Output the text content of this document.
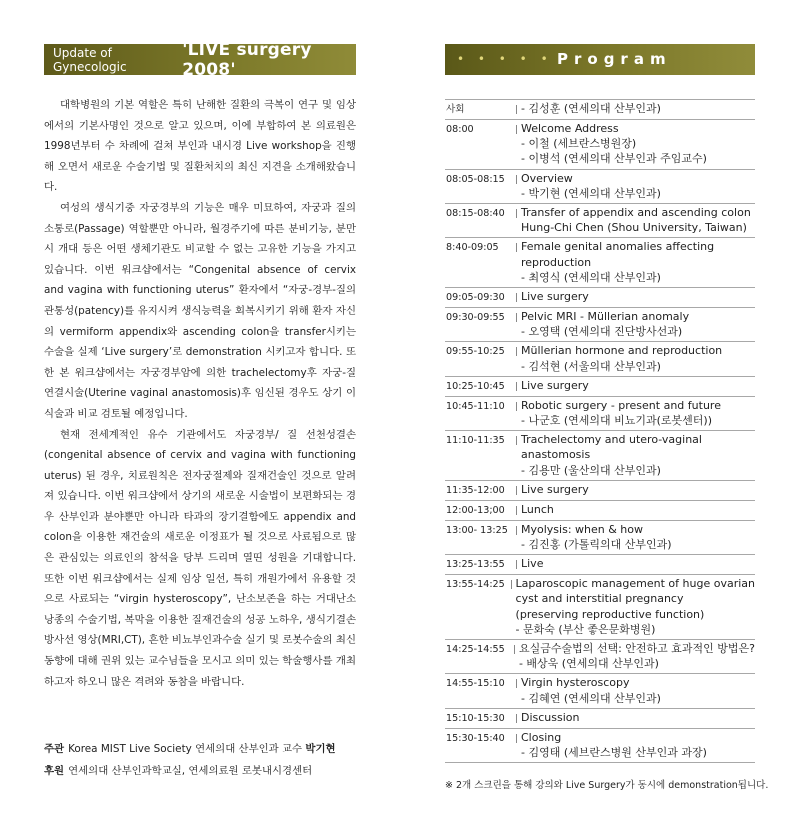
Update of Gynecologic
'LIVE surgery 2008'

대학병원의 기본 역할은 특히 난해한 질환의 극복이 연구 및 임상에서의 기본사명인 것으로 알고 있으며, 이에 부합하여 본 의료원은 1998년부터 수 차례에 걸쳐 부인과 내시경 Live workshop을 진행해 오면서 새로운 수술기법 및 질환처치의 최신 지견을 소개해왔습니다.

여성의 생식기중 자궁경부의 기능은 매우 미묘하여, 자궁과 질의 소통로(Passage) 역할뿐만 아니라, 월경주기에 따른 분비기능, 분만 시 개대 등은 어떤 생체기관도 비교할 수 없는 고유한 기능을 가지고 있습니다. 이번 워크샵에서는 “Congenital absence of cervix and vagina with functioning uterus” 환자에서 “자궁-경부-질의 관통성(patency)를 유지시켜 생식능력을 회복시키기 위해 환자 자신의 vermiform appendix와 ascending colon을 transfer시키는 수술을 실제 ‘Live surgery’로 demonstration 시키고자 합니다. 또한 본 워크샵에서는 자궁경부암에 의한 trachelectomy후 자궁-질 연결시술(Uterine vaginal anastomosis)후 임신된 경우도 상기 이식술과 비교 검토될 예정입니다.

현재 전세계적인 유수 기관에서도 자궁경부/ 질 선천성결손(congenital absence of cervix and vagina with functioning uterus) 된 경우, 치료원칙은 전자궁절제와 질재건술인 것으로 알려져 있습니다. 이번 워크샵에서 상기의 새로운 시술법이 보편화되는 경우 산부인과 분야뿐만 아니라 타과의 장기결함에도 appendix and colon을 이용한 재건술의 새로운 이정표가 될 것으로 사료됨으로 많은 관심있는 의료인의 참석을 당부 드리며 열띤 성원을 기대합니다. 또한 이번 워크샵에서는 실제 임상 일선, 특히 개원가에서 유용할 것으로 사료되는 “virgin hysteroscopy”, 난소보존을 하는 거대난소낭종의 수술기법, 복막을 이용한 질재건술의 성공 노하우, 생식기결손 방사선 영상(MRI,CT), 흔한 비뇨부인과수술 실기 및 로봇수술의 최신동향에 대해 권위 있는 교수님들을 모시고 의미 있는 학술행사를 개최하고자 하오니 많은 격려와 동참을 바랍니다.

주관 Korea MIST Live Society 연세의대 산부인과 교수 박기현
후원 연세의대 산부인과학교실, 연세의료원 로봇내시경센터
• • • • • •
Program
사회	- 김성훈 (연세의대 산부인과)
08:00	Welcome Address
- 이철 (세브란스병원장)
- 이병석 (연세의대 산부인과 주임교수)
08:05-08:15	Overview
- 박기현 (연세의대 산부인과)
08:15-08:40	Transfer of appendix and ascending colon
Hung-Chi Chen (Shou University, Taiwan)
8:40-09:05	Female genital anomalies affecting
reproduction
- 최영식 (연세의대 산부인과)
09:05-09:30	Live surgery
09:30-09:55	Pelvic MRI - Müllerian anomaly
- 오영택 (연세의대 진단방사선과)
09:55-10:25	Müllerian hormone and reproduction
- 김석현 (서울의대 산부인과)
10:25-10:45	Live surgery
10:45-11:10	Robotic surgery - present and future
- 나군호 (연세의대 비뇨기과(로봇센터))
11:10-11:35	Trachelectomy and utero-vaginal
anastomosis
- 김용만 (울산의대 산부인과)
11:35-12:00	Live surgery
12:00-13;00	Lunch
13:00- 13:25	Myolysis: when & how
- 김진홍 (가톨릭의대 산부인과)
13:25-13:55	Live
13:55-14:25 Laparoscopic management of huge ovarian
cyst and interstitial pregnancy
(preserving reproductive function)
- 문화숙 (부산 좋은문화병원)
14:25-14:55	요실금수술법의 선택: 안전하고 효과적인 방법은?
- 배상욱 (연세의대 산부인과)
14:55-15:10	Virgin hysteroscopy
- 김혜연 (연세의대 산부인과)
15:10-15:30	Discussion
15:30-15:40	Closing
- 김영태 (세브란스병원 산부인과 과장)
※ 2개 스크린을 통해 강의와 Live Surgery가 동시에 demonstration됩니다.
